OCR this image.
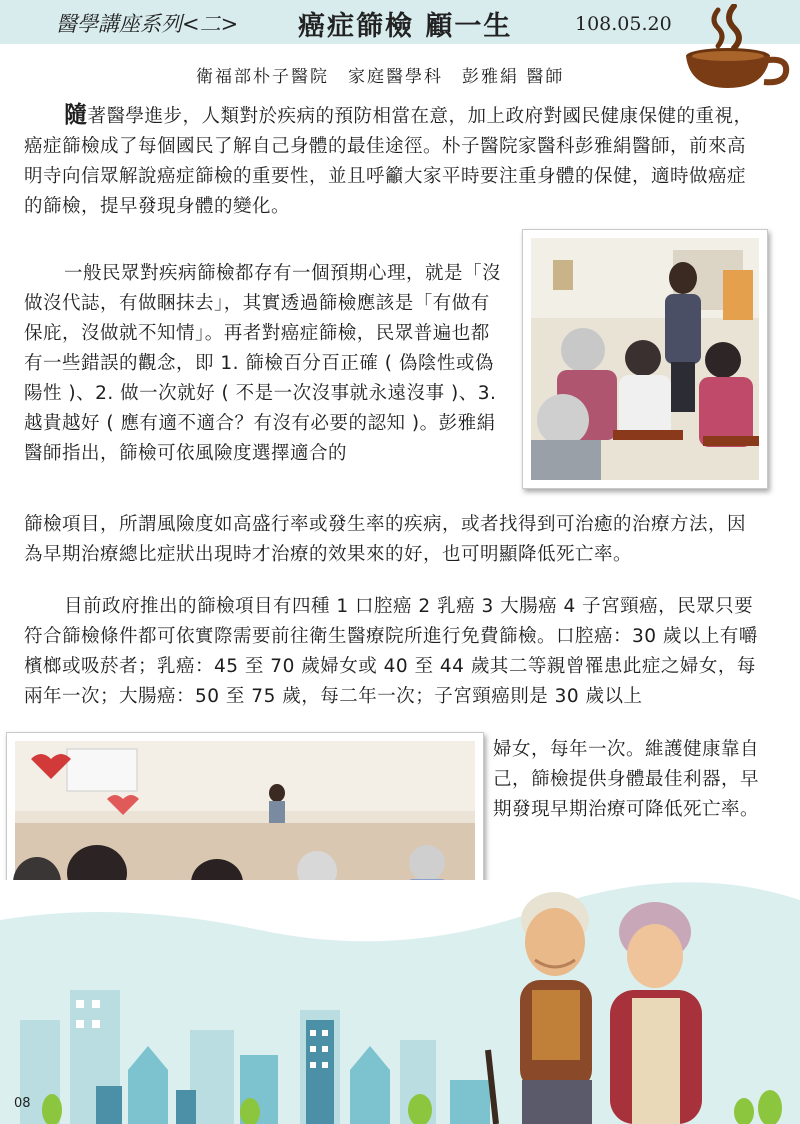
醫學講座系列<二> 癌症篩檢 顧一生	108.05.20
衛福部朴子醫院　家庭醫學科　彭雅絹 醫師

隨著醫學進步，人類對於疾病的預防相當在意，加上政府對國民健康保健的重視，癌症篩檢成了每個國民了解自己身體的最佳途徑。朴子醫院家醫科彭雅絹醫師，前來高明寺向信眾解說癌症篩檢的重要性，並且呼籲大家平時要注重身體的保健，適時做癌症的篩檢，提早發現身體的變化。

一般民眾對疾病篩檢都存有一個預期心理，就是「沒做沒代誌，有做睏抹去」，其實透過篩檢應該是「有做有保庇，沒做就不知情」。再者對癌症篩檢，民眾普遍也都有一些錯誤的觀念，即 1. 篩檢百分百正確 ( 偽陰性或偽陽性 )、2. 做一次就好 ( 不是一次沒事就永遠沒事 )、3. 越貴越好 ( 應有適不適合？有沒有必要的認知 )。彭雅絹醫師指出，篩檢可依風險度選擇適合的

篩檢項目，所謂風險度如高盛行率或發生率的疾病，或者找得到可治癒的治療方法，因為早期治療總比症狀出現時才治療的效果來的好，也可明顯降低死亡率。

目前政府推出的篩檢項目有四種 1 口腔癌 2 乳癌 3 大腸癌 4 子宮頸癌，民眾只要符合篩檢條件都可依實際需要前往衛生醫療院所進行免費篩檢。口腔癌：30 歲以上有嚼檳榔或吸菸者；乳癌：45 至 70 歲婦女或 40 至 44 歲其二等親曾罹患此症之婦女，每兩年一次；大腸癌：50 至 75 歲，每二年一次；子宮頸癌則是 30 歲以上

婦女，每年一次。維護健康靠自己，篩檢提供身體最佳利器，早期發現早期治療可降低死亡率。

08
